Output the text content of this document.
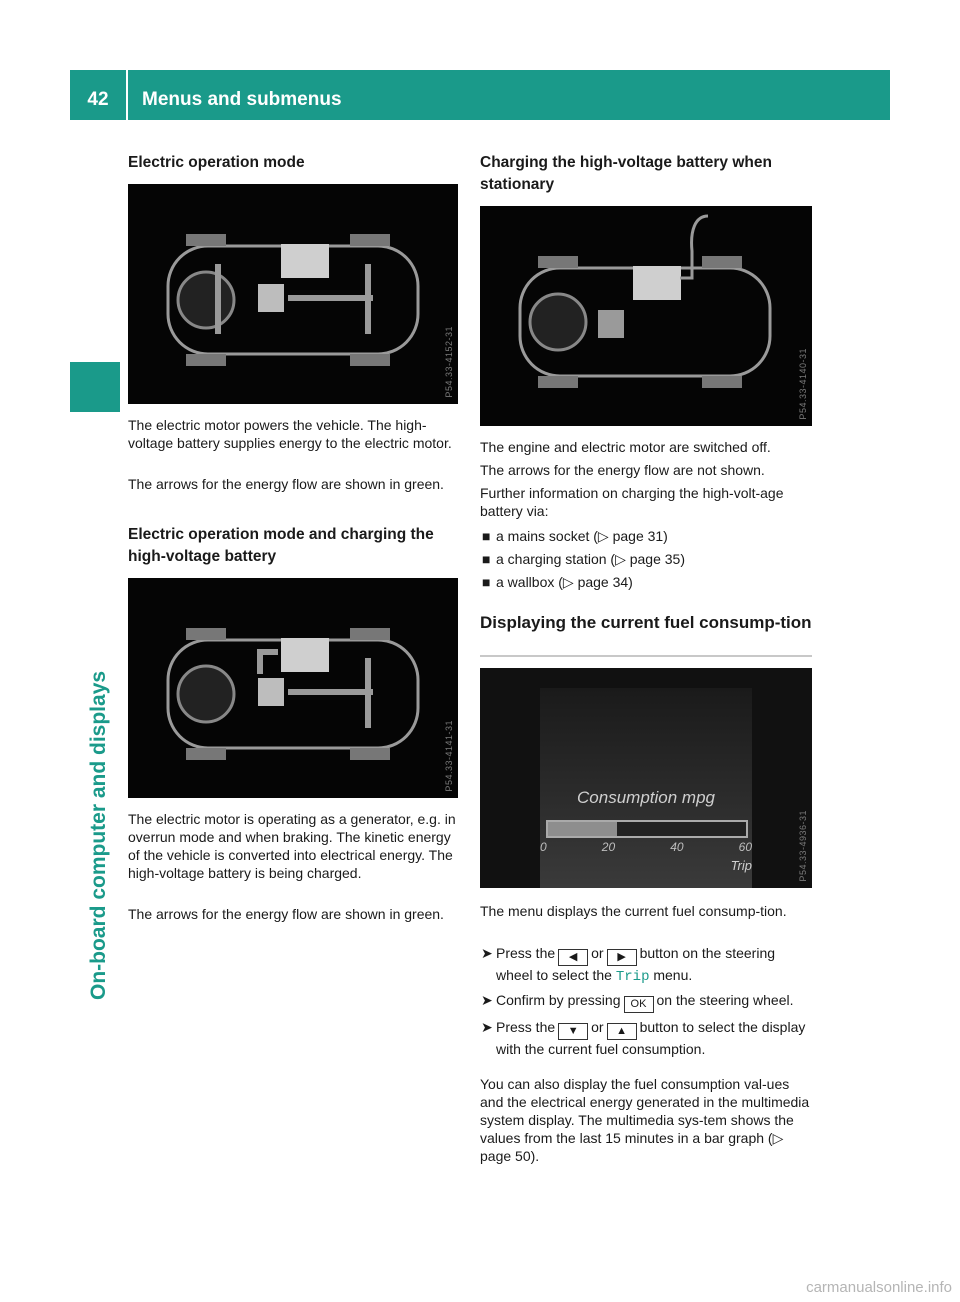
42	Menus and submenus
On-board computer and displays
Electric operation mode
P54.33-4152-31

The electric motor powers the vehicle. The high-voltage battery supplies energy to the electric motor.

The arrows for the energy flow are shown in green.

Electric operation mode and charging the high-voltage battery
P54.33-4141-31

The electric motor is operating as a generator, e.g. in overrun mode and when braking. The kinetic energy of the vehicle is converted into electrical energy. The high-voltage battery is being charged.

The arrows for the energy flow are shown in green.

Charging the high-voltage battery when stationary
P54.33-4140-31

The engine and electric motor are switched off.

The arrows for the energy flow are not shown.

Further information on charging the high-volt-age battery via:

■ a mains socket (▷ page 31)
■ a charging station (▷ page 35)
■ a wallbox (▷ page 34)
Displaying the current fuel consump-tion
Consumption mpg
0	20	40	60
Trip	P54.33-4936-31

The menu displays the current fuel consump-tion.

➤ Press the ◀ or ▶ button on the steering wheel to select the Trip menu.
➤ Confirm by pressing OK on the steering wheel.
➤ Press the ▼ or ▲ button to select the display with the current fuel consumption.

You can also display the fuel consumption val-ues and the electrical energy generated in the multimedia system display. The multimedia sys-tem shows the values from the last 15 minutes in a bar graph (▷ page 50).

carmanualsonline.info
